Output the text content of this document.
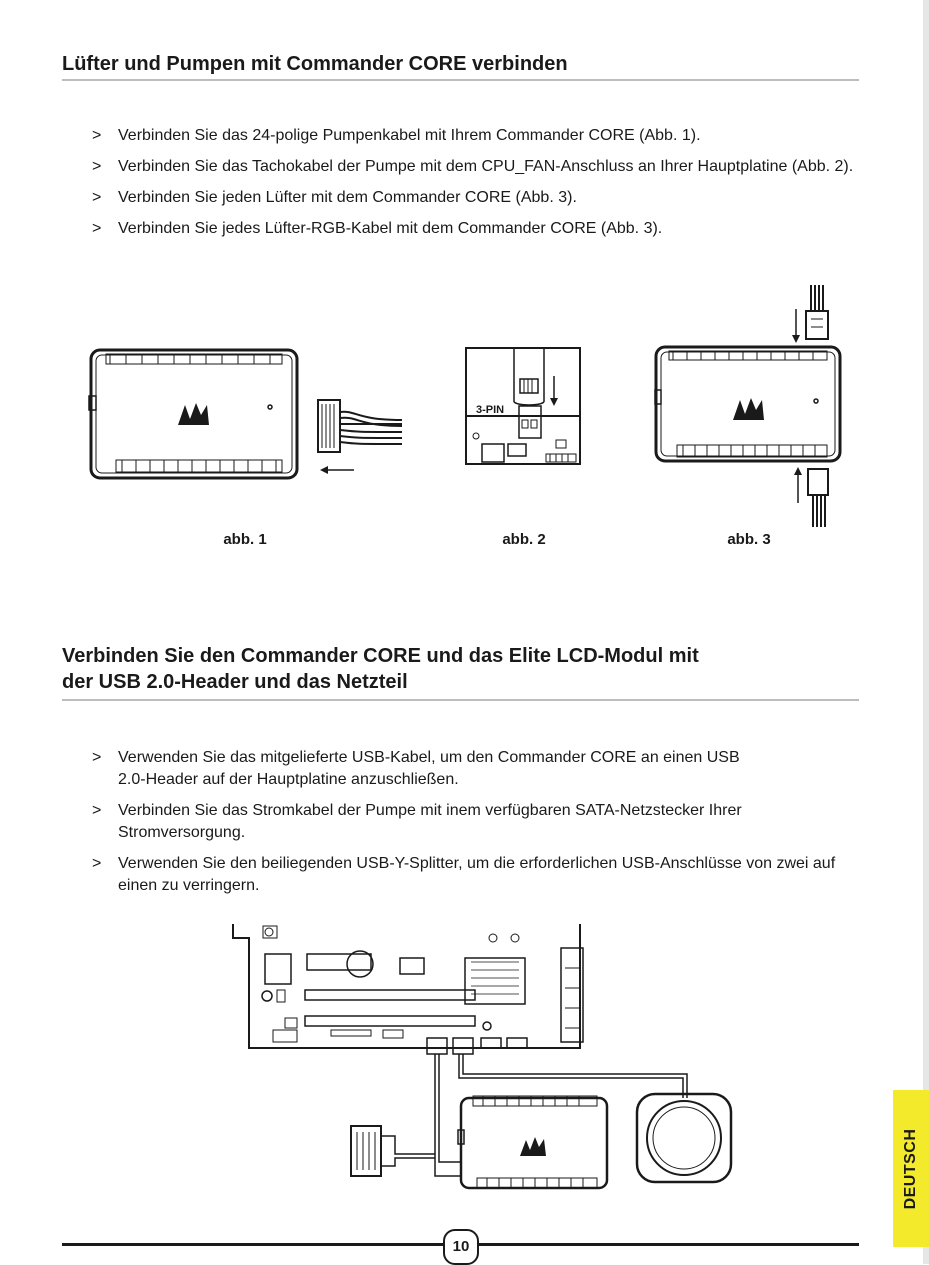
Lüfter und Pumpen mit Commander CORE verbinden
> Verbinden Sie das 24-polige Pumpenkabel mit Ihrem Commander CORE (Abb. 1).
> Verbinden Sie das Tachokabel der Pumpe mit dem CPU_FAN-Anschluss an Ihrer Hauptplatine (Abb. 2).
> Verbinden Sie jeden Lüfter mit dem Commander CORE (Abb. 3).
> Verbinden Sie jedes Lüfter-RGB-Kabel mit dem Commander CORE (Abb. 3).
3-PIN
abb. 1	abb. 2	abb. 3
Verbinden Sie den Commander CORE und das Elite LCD-Modul mit
der USB 2.0-Header und das Netzteil
> Verwenden Sie das mitgelieferte USB-Kabel, um den Commander CORE an einen USB 2.0-Header auf der Hauptplatine anzuschließen.
> Verbinden Sie das Stromkabel der Pumpe mit inem verfügbaren SATA-Netzstecker Ihrer Stromversorgung.
> Verwenden Sie den beiliegenden USB-Y-Splitter, um die erforderlichen USB-Anschlüsse von zwei auf einen zu verringern.
DEUTSCH
10
